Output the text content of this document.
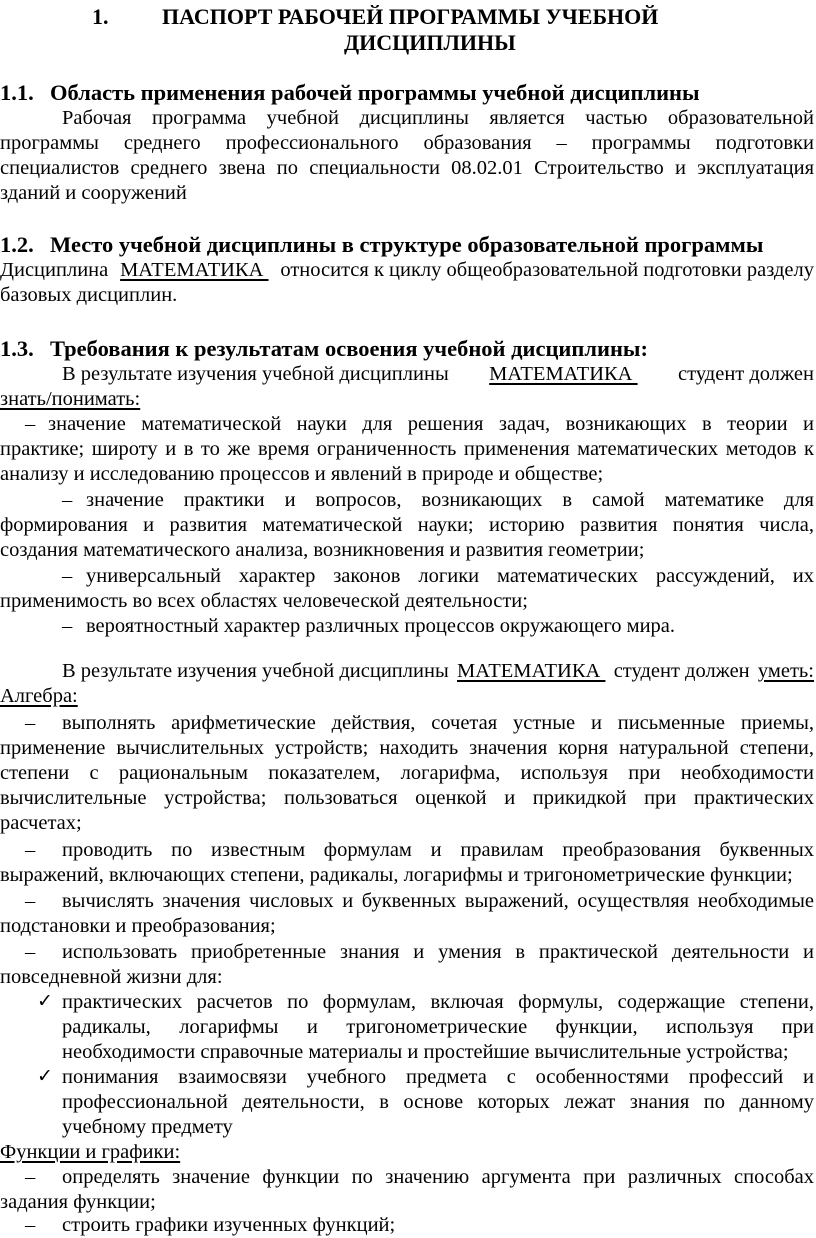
1. ПАСПОРТ РАБОЧЕЙ ПРОГРАММЫ УЧЕБНОЙ
ДИСЦИПЛИНЫ
1.1. Область применения рабочей программы учебной дисциплины
Рабочая программа учебной дисциплины является частью образовательной
программы среднего профессионального образования – программы подготовки
специалистов среднего звена по специальности 08.02.01 Строительство и эксплуатация
зданий и сооружений
1.2. Место учебной дисциплины в структуре образовательной программы
Дисциплина МАТЕМАТИКА относится к циклу общеобразовательной подготовки разделу
базовых дисциплин.
1.3. Требования к результатам освоения учебной дисциплины:
В результате изучения учебной дисциплины МАТЕМАТИКА студент должен
знать/понимать:
– значение математической науки для решения задач, возникающих в теории и
практике; широту и в то же время ограниченность применения математических методов к
анализу и исследованию процессов и явлений в природе и обществе;
– значение практики и вопросов, возникающих в самой математике для
формирования и развития математической науки; историю развития понятия числа,
создания математического анализа, возникновения и развития геометрии;
– универсальный характер законов логики математических рассуждений, их
применимость во всех областях человеческой деятельности;
– вероятностный характер различных процессов окружающего мира.
В результате изучения учебной дисциплины МАТЕМАТИКА студент должен уметь:
Алгебра:
– выполнять арифметические действия, сочетая устные и письменные приемы,
применение вычислительных устройств; находить значения корня натуральной степени,
степени с рациональным показателем, логарифма, используя при необходимости
вычислительные устройства; пользоваться оценкой и прикидкой при практических
расчетах;
– проводить по известным формулам и правилам преобразования буквенных
выражений, включающих степени, радикалы, логарифмы и тригонометрические функции;
– вычислять значения числовых и буквенных выражений, осуществляя необходимые
подстановки и преобразования;
– использовать приобретенные знания и умения в практической деятельности и
повседневной жизни для:
✓ практических расчетов по формулам, включая формулы, содержащие степени,
радикалы, логарифмы и тригонометрические функции, используя при
необходимости справочные материалы и простейшие вычислительные устройства;
✓ понимания взаимосвязи учебного предмета с особенностями профессий и
профессиональной деятельности, в основе которых лежат знания по данному
учебному предмету
Функции и графики:
– определять значение функции по значению аргумента при различных способах
задания функции;
– строить графики изученных функций;
